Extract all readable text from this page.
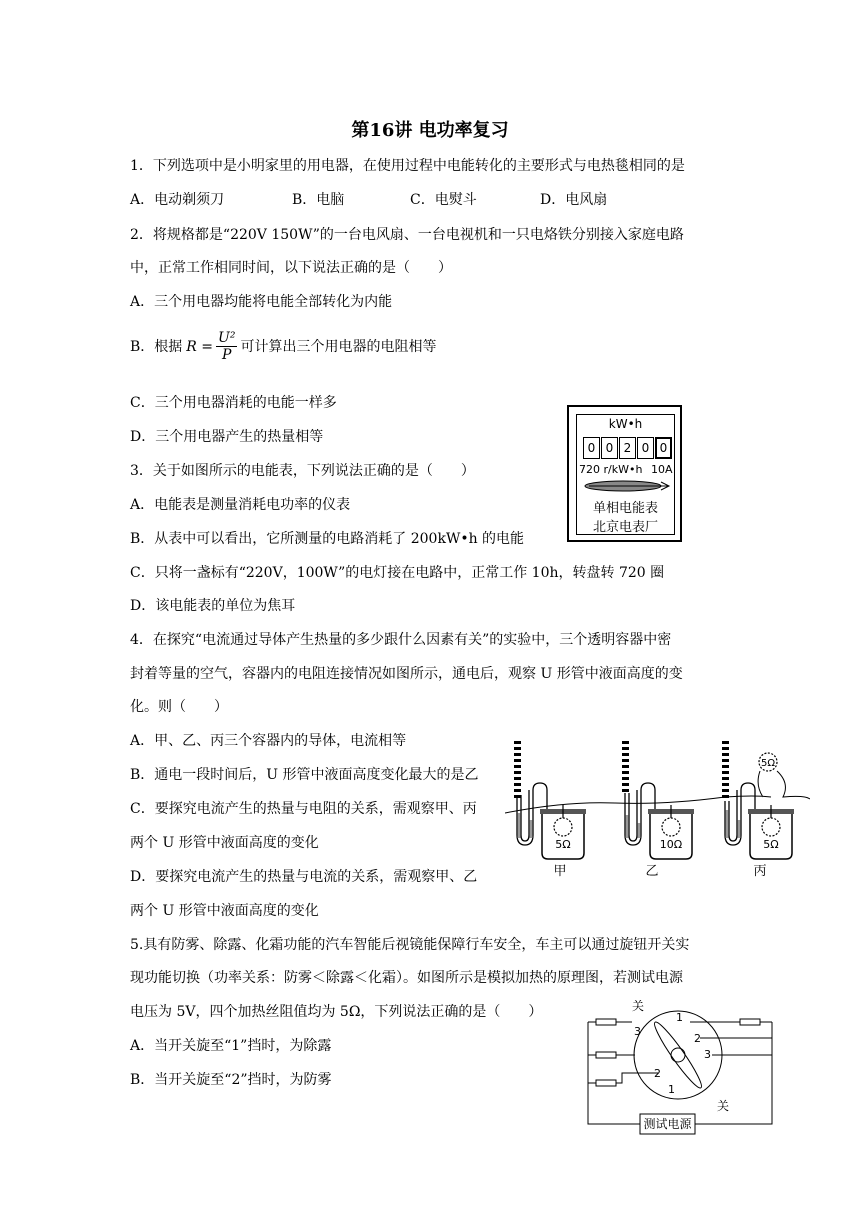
第16讲 电功率复习
1．下列选项中是小明家里的用电器，在使用过程中电能转化的主要形式与电热毯相同的是
A．电动剃须刀	B．电脑	C．电熨斗	D．电风扇
2．将规格都是“220V 150W”的一台电风扇、一台电视机和一只电烙铁分别接入家庭电路
中，正常工作相同时间，以下说法正确的是（　　）
A．三个用电器均能将电能全部转化为内能
B．根据 $R = \frac{\text{U²}}{P}$ 可计算出三个用电器的电阻相等
C．三个用电器消耗的电能一样多
D．三个用电器产生的热量相等
kW•h
0 0 2 0 0
720 r/kW•h 10A
单相电能表
北京电表厂
3．关于如图所示的电能表，下列说法正确的是（　　）
A．电能表是测量消耗电功率的仪表
B．从表中可以看出，它所测量的电路消耗了 200kW•h 的电能
C．只将一盏标有“220V，100W”的电灯接在电路中，正常工作 10h，转盘转 720 圈
D．该电能表的单位为焦耳
4．在探究“电流通过导体产生热量的多少跟什么因素有关”的实验中，三个透明容器中密
封着等量的空气，容器内的电阻连接情况如图所示，通电后，观察 U 形管中液面高度的变
化。则（　　）
A．甲、乙、丙三个容器内的导体，电流相等
B．通电一段时间后，U 形管中液面高度变化最大的是乙
C．要探究电流产生的热量与电阻的关系，需观察甲、丙
两个 U 形管中液面高度的变化
D．要探究电流产生的热量与电流的关系，需观察甲、乙
两个 U 形管中液面高度的变化
5Ω	10Ω	5Ω
5Ω
甲	乙	丙
5.具有防雾、除露、化霜功能的汽车智能后视镜能保障行车安全，车主可以通过旋钮开关实
现功能切换（功率关系：防雾＜除露＜化霜）。如图所示是模拟加热的原理图，若测试电源
电压为 5V，四个加热丝阻值均为 5Ω，下列说法正确的是（　　）
A．当开关旋至“1”挡时，为除露
B．当开关旋至“2”挡时，为防雾
关
关
1
2
3
3
2
1
测试电源
